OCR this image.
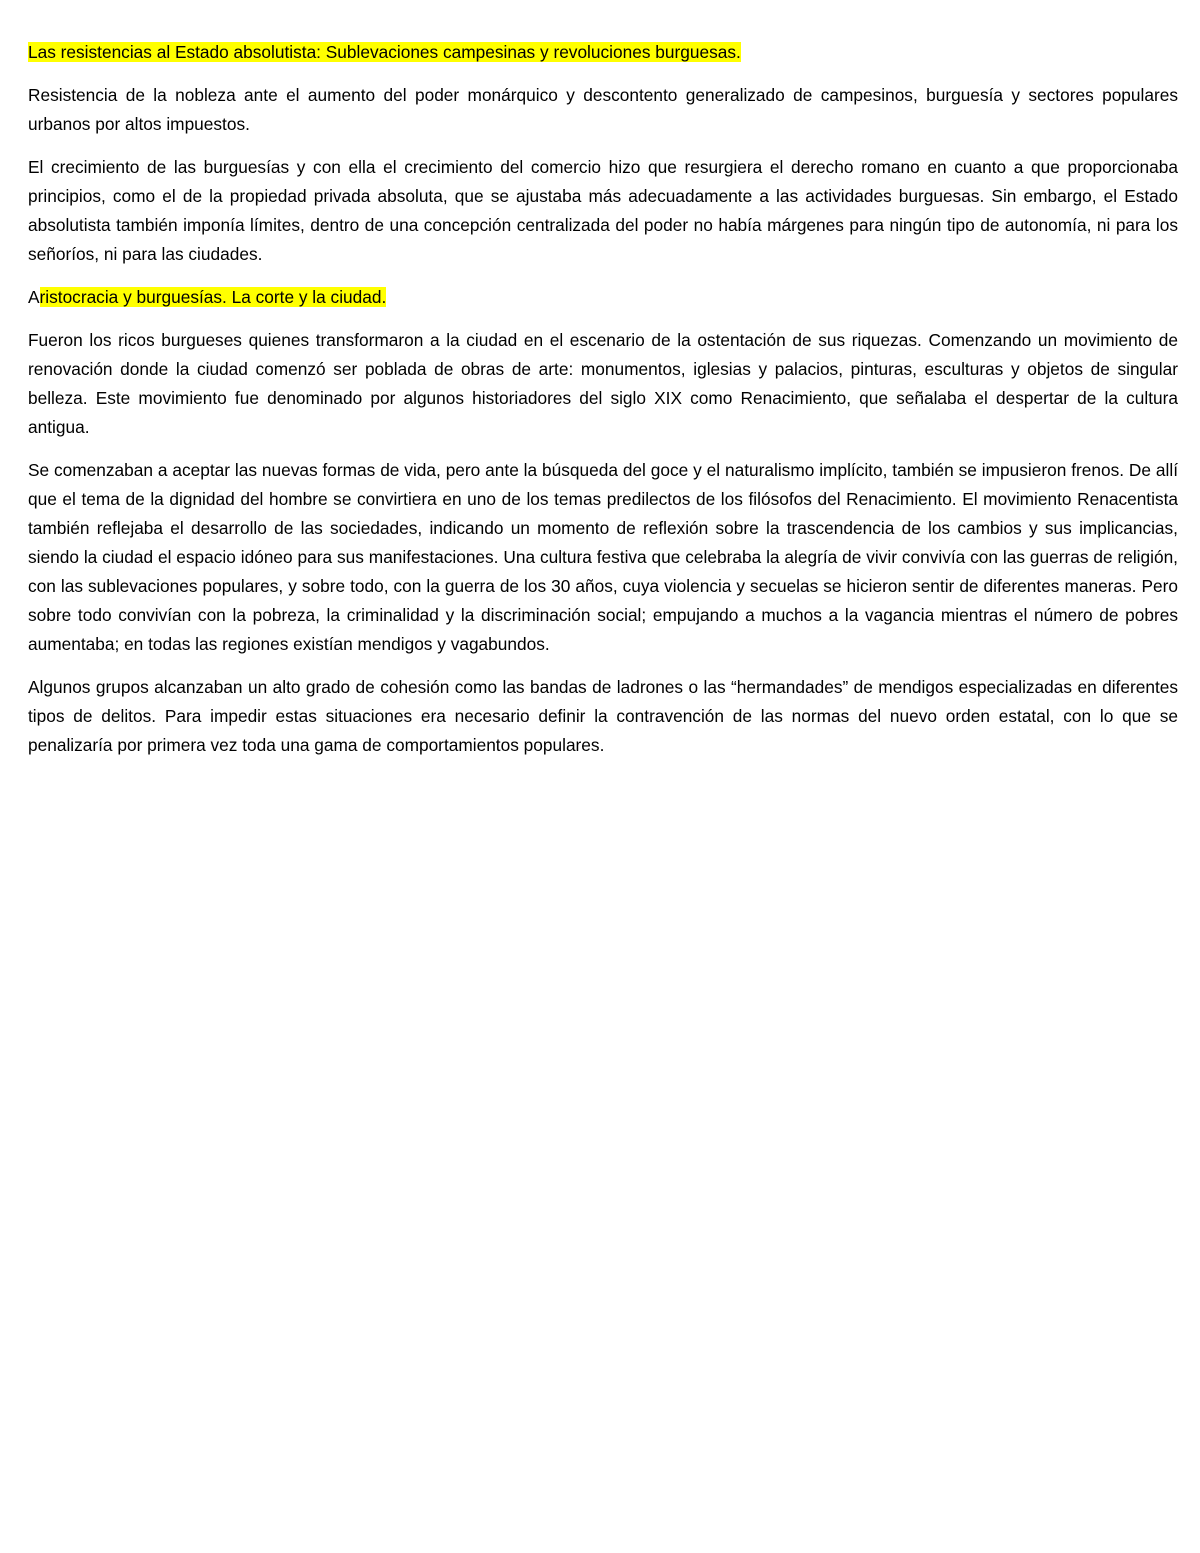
Las resistencias al Estado absolutista: Sublevaciones campesinas y revoluciones burguesas.

Resistencia de la nobleza ante el aumento del poder monárquico y descontento generalizado de campesinos, burguesía y sectores populares urbanos por altos impuestos.

El crecimiento de las burguesías y con ella el crecimiento del comercio hizo que resurgiera el derecho romano en cuanto a que proporcionaba principios, como el de la propiedad privada absoluta, que se ajustaba más adecuadamente a las actividades burguesas. Sin embargo, el Estado absolutista también imponía límites, dentro de una concepción centralizada del poder no había márgenes para ningún tipo de autonomía, ni para los señoríos, ni para las ciudades.

Aristocracia y burguesías. La corte y la ciudad.

Fueron los ricos burgueses quienes transformaron a la ciudad en el escenario de la ostentación de sus riquezas. Comenzando un movimiento de renovación donde la ciudad comenzó ser poblada de obras de arte: monumentos, iglesias y palacios, pinturas, esculturas y objetos de singular belleza. Este movimiento fue denominado por algunos historiadores del siglo XIX como Renacimiento, que señalaba el despertar de la cultura antigua.

Se comenzaban a aceptar las nuevas formas de vida, pero ante la búsqueda del goce y el naturalismo implícito, también se impusieron frenos. De allí que el tema de la dignidad del hombre se convirtiera en uno de los temas predilectos de los filósofos del Renacimiento. El movimiento Renacentista también reflejaba el desarrollo de las sociedades, indicando un momento de reflexión sobre la trascendencia de los cambios y sus implicancias, siendo la ciudad el espacio idóneo para sus manifestaciones. Una cultura festiva que celebraba la alegría de vivir convivía con las guerras de religión, con las sublevaciones populares, y sobre todo, con la guerra de los 30 años, cuya violencia y secuelas se hicieron sentir de diferentes maneras. Pero sobre todo convivían con la pobreza, la criminalidad y la discriminación social; empujando a muchos a la vagancia mientras el número de pobres aumentaba; en todas las regiones existían mendigos y vagabundos.

Algunos grupos alcanzaban un alto grado de cohesión como las bandas de ladrones o las “hermandades” de mendigos especializadas en diferentes tipos de delitos. Para impedir estas situaciones era necesario definir la contravención de las normas del nuevo orden estatal, con lo que se penalizaría por primera vez toda una gama de comportamientos populares.
